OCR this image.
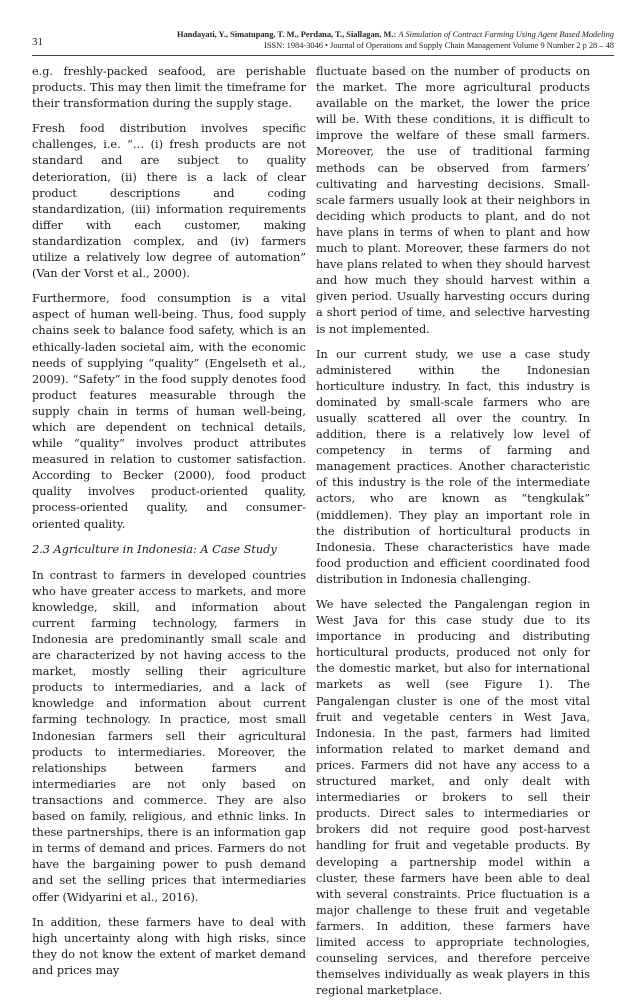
31
Handayati, Y., Simatupang, T. M., Perdana, T., Siallagan, M.: A Simulation of Contract Farming Using Agent Based Modeling
ISSN: 1984-3046 • Journal of Operations and Supply Chain Management Volume 9 Number 2 p 28 – 48

e.g. freshly-packed seafood, are perishable products. This may then limit the timeframe for their transformation during the supply stage.

Fresh food distribution involves specific challenges, i.e. “… (i) fresh products are not standard and are subject to quality deterioration, (ii) there is a lack of clear product descriptions and coding standardization, (iii) information requirements differ with each customer, making standardization complex, and (iv) farmers utilize a relatively low degree of automation” (Van der Vorst et al., 2000).

Furthermore, food consumption is a vital aspect of human well-being. Thus, food supply chains seek to balance food safety, which is an ethically-laden societal aim, with the economic needs of supplying “quality” (Engelseth et al., 2009). “Safety” in the food supply denotes food product features measurable through the supply chain in terms of human well-being, which are dependent on technical details, while “quality” involves product attributes measured in relation to customer satisfaction. According to Becker (2000), food product quality involves product-oriented quality, process-oriented quality, and consumer-oriented quality.

2.3 Agriculture in Indonesia: A Case Study

In contrast to farmers in developed countries who have greater access to markets, and more knowledge, skill, and information about current farming technology, farmers in Indonesia are predominantly small scale and are characterized by not having access to the market, mostly selling their agriculture products to intermediaries, and a lack of knowledge and information about current farming technology. In practice, most small Indonesian farmers sell their agricultural products to intermediaries. Moreover, the relationships between farmers and intermediaries are not only based on transactions and commerce. They are also based on family, religious, and ethnic links. In these partnerships, there is an information gap in terms of demand and prices. Farmers do not have the bargaining power to push demand and set the selling prices that intermediaries offer (Widyarini et al., 2016).

In addition, these farmers have to deal with high uncertainty along with high risks, since they do not know the extent of market demand and prices may

fluctuate based on the number of products on the market. The more agricultural products available on the market, the lower the price will be. With these conditions, it is difficult to improve the welfare of these small farmers. Moreover, the use of traditional farming methods can be observed from farmers’ cultivating and harvesting decisions. Small-scale farmers usually look at their neighbors in deciding which products to plant, and do not have plans in terms of when to plant and how much to plant. Moreover, these farmers do not have plans related to when they should harvest and how much they should harvest within a given period. Usually harvesting occurs during a short period of time, and selective harvesting is not implemented.

In our current study, we use a case study administered within the Indonesian horticulture industry. In fact, this industry is dominated by small-scale farmers who are usually scattered all over the country. In addition, there is a relatively low level of competency in terms of farming and management practices. Another characteristic of this industry is the role of the intermediate actors, who are known as “tengkulak” (middlemen). They play an important role in the distribution of horticultural products in Indonesia. These characteristics have made food production and efficient coordinated food distribution in Indonesia challenging.

We have selected the Pangalengan region in West Java for this case study due to its importance in producing and distributing horticultural products, produced not only for the domestic market, but also for international markets as well (see Figure 1). The Pangalengan cluster is one of the most vital fruit and vegetable centers in West Java, Indonesia. In the past, farmers had limited information related to market demand and prices. Farmers did not have any access to a structured market, and only dealt with intermediaries or brokers to sell their products. Direct sales to intermediaries or brokers did not require good post-harvest handling for fruit and vegetable products. By developing a partnership model within a cluster, these farmers have been able to deal with several constraints. Price fluctuation is a major challenge to these fruit and vegetable farmers. In addition, these farmers have limited access to appropriate technologies, counseling services, and therefore perceive themselves individually as weak players in this regional marketplace.
